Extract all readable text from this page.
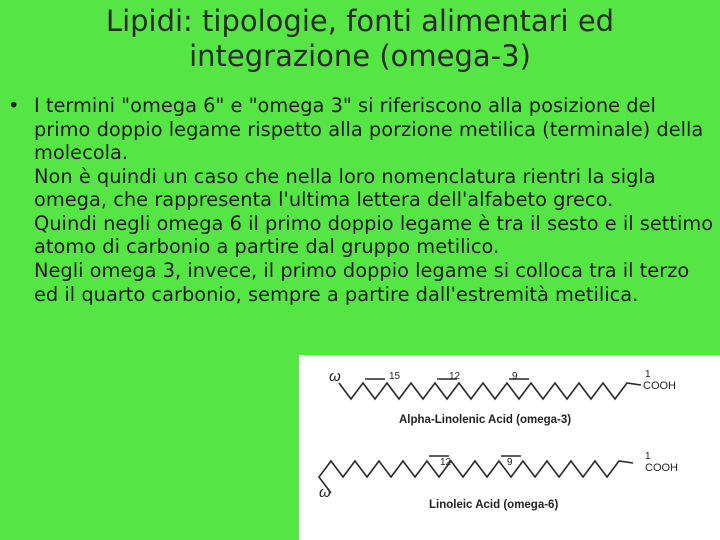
Lipidi: tipologie, fonti alimentari ed
integrazione (omega-3)
• I termini "omega 6" e "omega 3" si riferiscono alla posizione del primo doppio legame rispetto alla porzione metilica (terminale) della molecola.

Non è quindi un caso che nella loro nomenclatura rientri la sigla omega, che rappresenta l'ultima lettera dell'alfabeto greco.

Quindi negli omega 6 il primo doppio legame è tra il sesto e il settimo atomo di carbonio a partire dal gruppo metilico.

Negli omega 3, invece, il primo doppio legame si colloca tra il terzo ed il quarto carbonio, sempre a partire dall'estremità metilica.

ω	15	12	9	1
COOH
Alpha-Linolenic Acid (omega-3)
ω
12	9
1
COOH
Linoleic Acid (omega-6)
